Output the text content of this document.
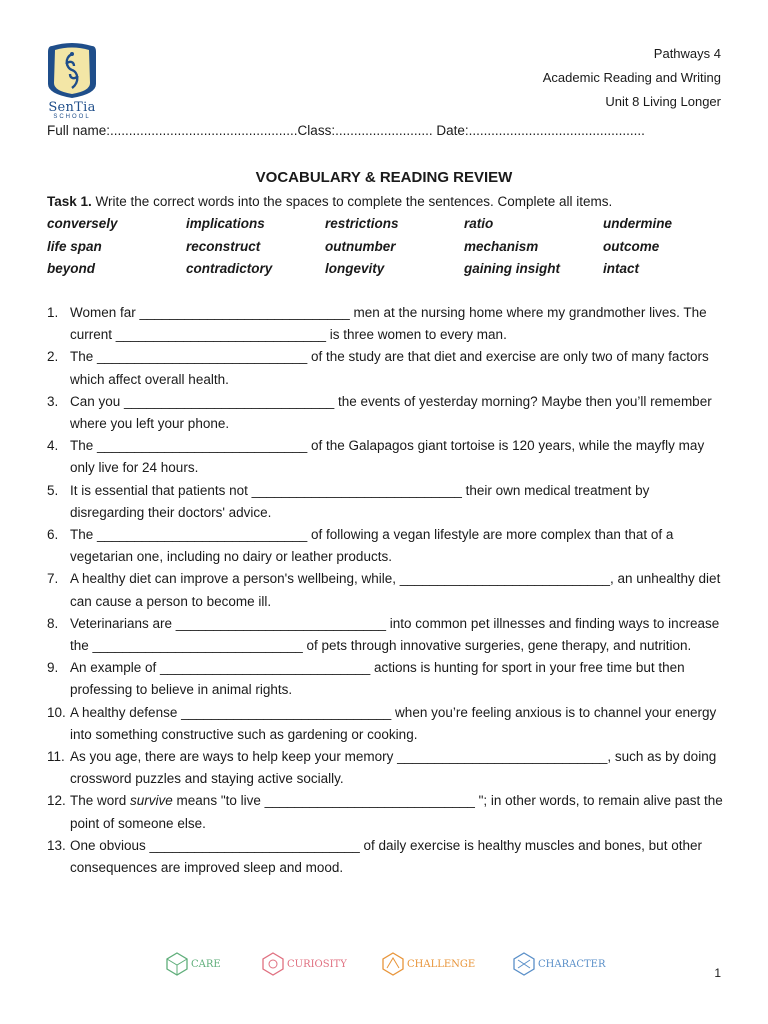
SenTia
SCHOOL
Pathways 4
Academic Reading and Writing
Unit 8 Living Longer
Full name:..................................................Class:.......................... Date:...............................................
VOCABULARY & READING REVIEW
Task 1. Write the correct words into the spaces to complete the sentences. Complete all items.
conversely	implications	restrictions	ratio	undermine
life span	reconstruct	outnumber	mechanism	outcome
beyond	contradictory	longevity	gaining insight	intact
1. Women far ____________________________ men at the nursing home where my grandmother lives. The current ____________________________ is three women to every man.
2. The ____________________________ of the study are that diet and exercise are only two of many factors which affect overall health.
3. Can you ____________________________ the events of yesterday morning? Maybe then you’ll remember where you left your phone.
4. The ____________________________ of the Galapagos giant tortoise is 120 years, while the mayfly may only live for 24 hours.
5. It is essential that patients not ____________________________ their own medical treatment by disregarding their doctors' advice.
6. The ____________________________ of following a vegan lifestyle are more complex than that of a vegetarian one, including no dairy or leather products.
7. A healthy diet can improve a person's wellbeing, while, ____________________________, an unhealthy diet can cause a person to become ill.
8. Veterinarians are ____________________________ into common pet illnesses and finding ways to increase the ____________________________ of pets through innovative surgeries, gene therapy, and nutrition.
9. An example of ____________________________ actions is hunting for sport in your free time but then professing to believe in animal rights.
10. A healthy defense ____________________________ when you’re feeling anxious is to channel your energy into something constructive such as gardening or cooking.
11. As you age, there are ways to help keep your memory ____________________________, such as by doing crossword puzzles and staying active socially.
12. The word survive means "to live ____________________________ "; in other words, to remain alive past the point of someone else.
13. One obvious ____________________________ of daily exercise is healthy muscles and bones, but other consequences are improved sleep and mood.
CARE	CURIOSITY	CHALLENGE	CHARACTER
1
